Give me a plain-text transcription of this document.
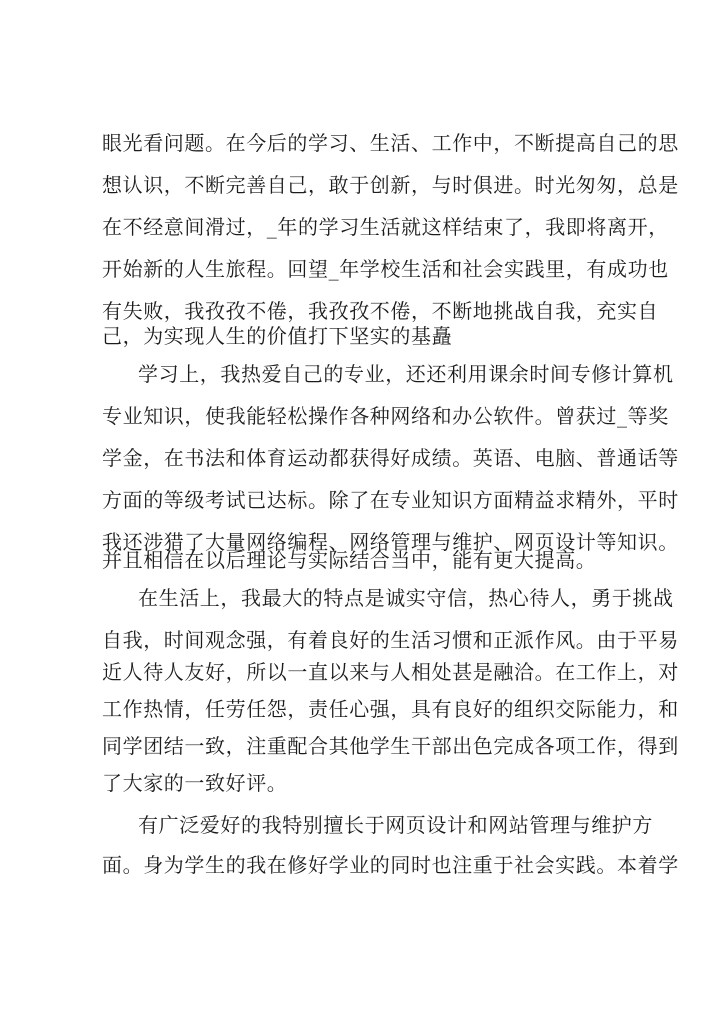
眼光看问题。在今后的学习、生活、工作中，不断提高自己的思
想认识，不断完善自己，敢于创新，与时俱进。时光匆匆，总是
在不经意间滑过，_年的学习生活就这样结束了，我即将离开，
开始新的人生旅程。回望_年学校生活和社会实践里，有成功也
有失败，我孜孜不倦，我孜孜不倦，不断地挑战自我，充实自
己，为实现人生的价值打下坚实的基矗
学习上，我热爱自己的专业，还还利用课余时间专修计算机
专业知识，使我能轻松操作各种网络和办公软件。曾获过_等奖
学金，在书法和体育运动都获得好成绩。英语、电脑、普通话等
方面的等级考试已达标。除了在专业知识方面精益求精外，平时
我还涉猎了大量网络编程、网络管理与维护、网页设计等知识。
并且相信在以后理论与实际结合当中，能有更大提高。
在生活上，我最大的特点是诚实守信，热心待人，勇于挑战
自我，时间观念强，有着良好的生活习惯和正派作风。由于平易
近人待人友好，所以一直以来与人相处甚是融洽。在工作上，对
工作热情，任劳任怨，责任心强，具有良好的组织交际能力，和
同学团结一致，注重配合其他学生干部出色完成各项工作，得到
了大家的一致好评。
有广泛爱好的我特别擅长于网页设计和网站管理与维护方
面。身为学生的我在修好学业的同时也注重于社会实践。本着学
